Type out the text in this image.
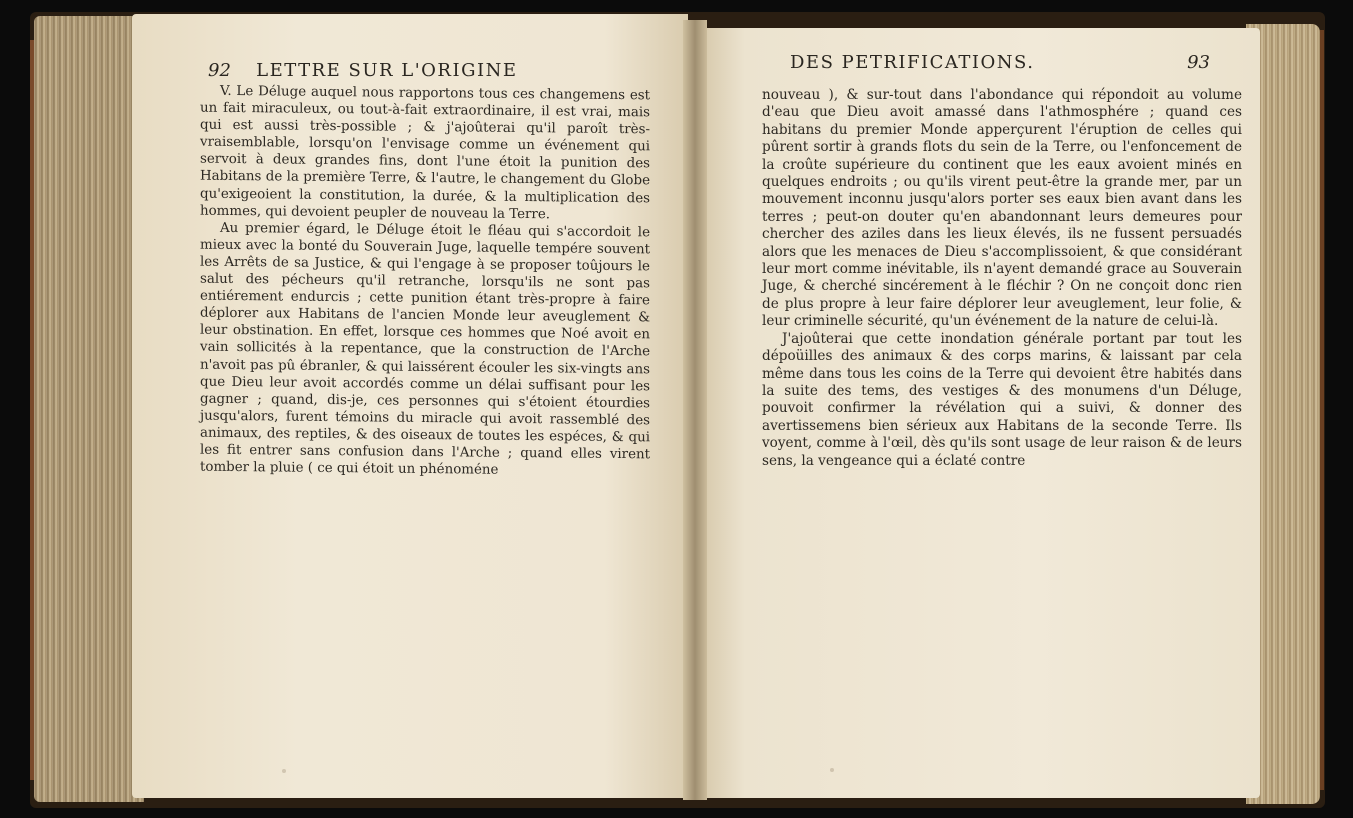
92 LETTRE SUR L'ORIGINE

V. Le Déluge auquel nous rapportons tous ces changemens est un fait miraculeux, ou tout-à-fait extraordinaire, il est vrai, mais qui est aussi très-possible ; & j'ajoûterai qu'il paroît très-vraisemblable, lorsqu'on l'envisage comme un événement qui servoit à deux grandes fins, dont l'une étoit la punition des Habitans de la première Terre, & l'autre, le changement du Globe qu'exigeoient la constitution, la durée, & la multiplication des hommes, qui devoient peupler de nouveau la Terre.

Au premier égard, le Déluge étoit le fléau qui s'accordoit le mieux avec la bonté du Souverain Juge, laquelle tempére souvent les Arrêts de sa Justice, & qui l'engage à se proposer toûjours le salut des pécheurs qu'il retranche, lorsqu'ils ne sont pas entiérement endurcis ; cette punition étant très-propre à faire déplorer aux Habitans de l'ancien Monde leur aveuglement & leur obstination. En effet, lorsque ces hommes que Noé avoit en vain sollicités à la repentance, que la construction de l'Arche n'avoit pas pû ébranler, & qui laissérent écouler les six-vingts ans que Dieu leur avoit accordés comme un délai suffisant pour les gagner ; quand, dis-je, ces personnes qui s'étoient étourdies jusqu'alors, furent témoins du miracle qui avoit rassemblé des animaux, des reptiles, & des oiseaux de toutes les espéces, & qui les fit entrer sans confusion dans l'Arche ; quand elles virent tomber la pluie ( ce qui étoit un phénoméne

DES PETRIFICATIONS.	93

nouveau ), & sur-tout dans l'abondance qui répondoit au volume d'eau que Dieu avoit amassé dans l'athmosphére ; quand ces habitans du premier Monde apperçurent l'éruption de celles qui pûrent sortir à grands flots du sein de la Terre, ou l'enfoncement de la croûte supérieure du continent que les eaux avoient minés en quelques endroits ; ou qu'ils virent peut-être la grande mer, par un mouvement inconnu jusqu'alors porter ses eaux bien avant dans les terres ; peut-on douter qu'en abandonnant leurs demeures pour chercher des aziles dans les lieux élevés, ils ne fussent persuadés alors que les menaces de Dieu s'accomplissoient, & que considérant leur mort comme inévitable, ils n'ayent demandé grace au Souverain Juge, & cherché sincérement à le fléchir ? On ne conçoit donc rien de plus propre à leur faire déplorer leur aveuglement, leur folie, & leur criminelle sécurité, qu'un événement de la nature de celui-là.

J'ajoûterai que cette inondation générale portant par tout les dépoüilles des animaux & des corps marins, & laissant par cela même dans tous les coins de la Terre qui devoient être habités dans la suite des tems, des vestiges & des monumens d'un Déluge, pouvoit confirmer la révélation qui a suivi, & donner des avertissemens bien sérieux aux Habitans de la seconde Terre. Ils voyent, comme à l'œil, dès qu'ils sont usage de leur raison & de leurs sens, la vengeance qui a éclaté contre
